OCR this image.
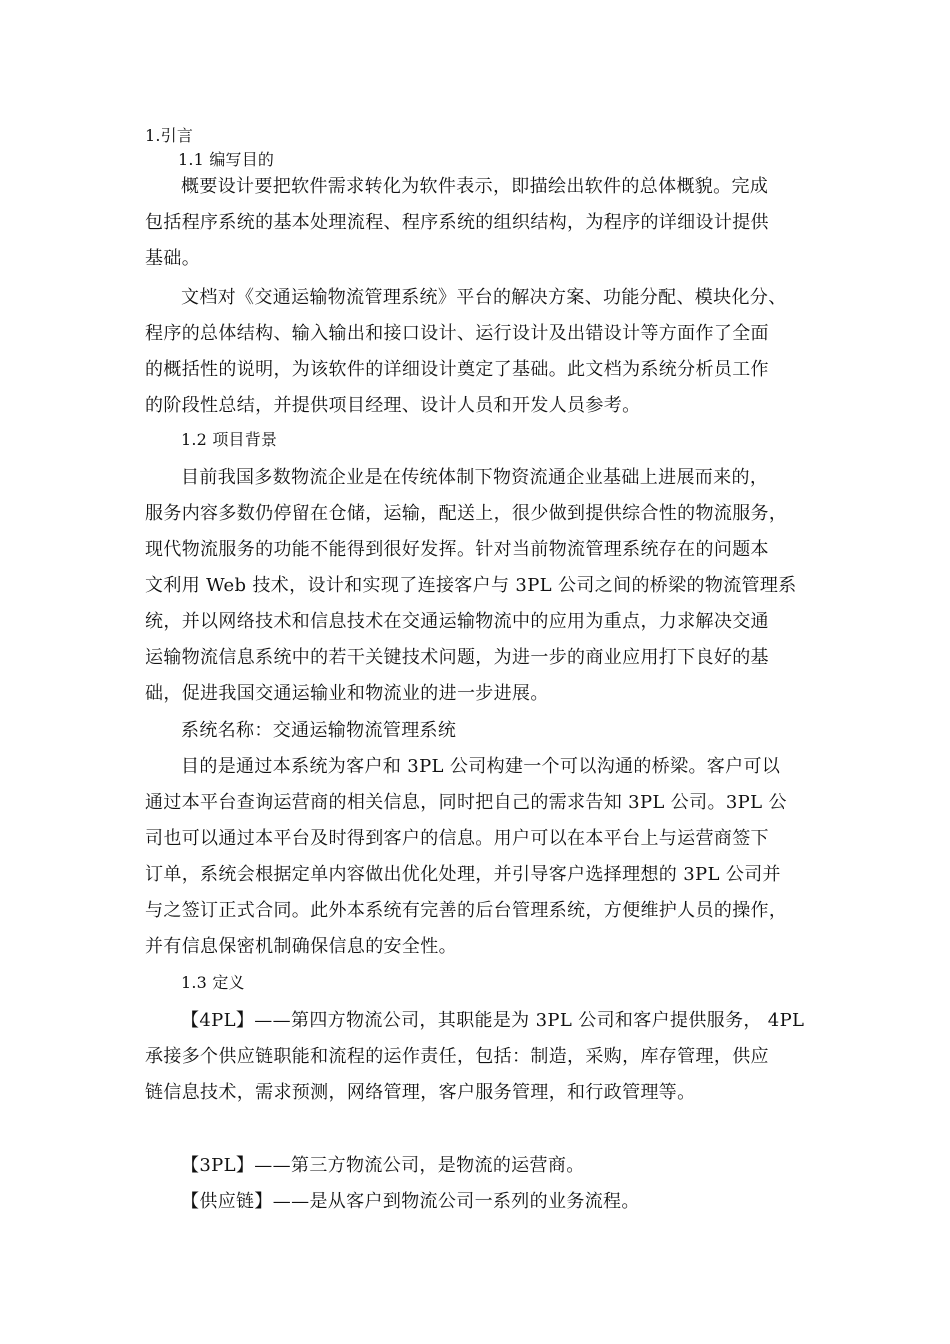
1.引言
1.1 编写目的
概要设计要把软件需求转化为软件表示，即描绘出软件的总体概貌。完成
包括程序系统的基本处理流程、程序系统的组织结构，为程序的详细设计提供
基础。
文档对《交通运输物流管理系统》平台的解决方案、功能分配、模块化分、
程序的总体结构、输入输出和接口设计、运行设计及出错设计等方面作了全面
的概括性的说明，为该软件的详细设计奠定了基础。此文档为系统分析员工作
的阶段性总结，并提供项目经理、设计人员和开发人员参考。
1.2 项目背景
目前我国多数物流企业是在传统体制下物资流通企业基础上进展而来的，
服务内容多数仍停留在仓储，运输，配送上，很少做到提供综合性的物流服务，
现代物流服务的功能不能得到很好发挥。针对当前物流管理系统存在的问题本
文利用 Web 技术，设计和实现了连接客户与 3PL 公司之间的桥梁的物流管理系
统，并以网络技术和信息技术在交通运输物流中的应用为重点，力求解决交通
运输物流信息系统中的若干关键技术问题，为进一步的商业应用打下良好的基
础，促进我国交通运输业和物流业的进一步进展。
系统名称：交通运输物流管理系统
目的是通过本系统为客户和 3PL 公司构建一个可以沟通的桥梁。客户可以
通过本平台查询运营商的相关信息，同时把自己的需求告知 3PL 公司。3PL 公
司也可以通过本平台及时得到客户的信息。用户可以在本平台上与运营商签下
订单，系统会根据定单内容做出优化处理，并引导客户选择理想的 3PL 公司并
与之签订正式合同。此外本系统有完善的后台管理系统，方便维护人员的操作，
并有信息保密机制确保信息的安全性。
1.3 定义
【4PL】——第四方物流公司，其职能是为 3PL 公司和客户提供服务， 4PL
承接多个供应链职能和流程的运作责任，包括：制造，采购，库存管理，供应
链信息技术，需求预测，网络管理，客户服务管理，和行政管理等。
【3PL】——第三方物流公司，是物流的运营商。
【供应链】——是从客户到物流公司一系列的业务流程。
